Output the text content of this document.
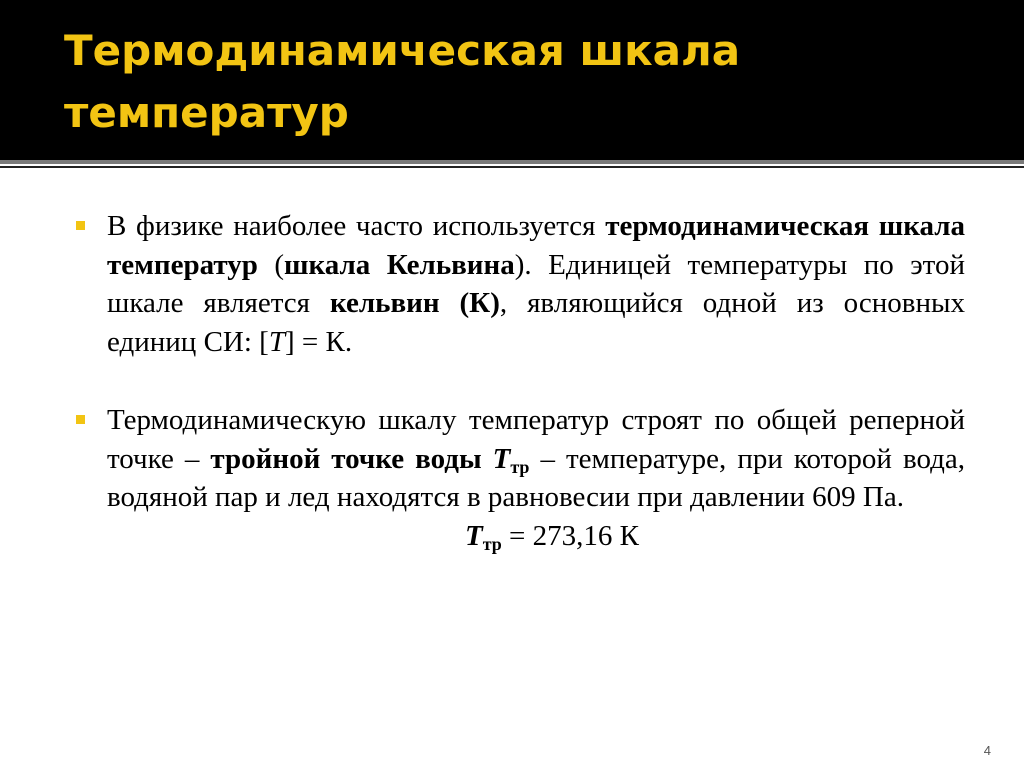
Термодинамическая шкала
температур

В физике наиболее часто используется термодинамическая шкала температур (шкала Кельвина). Единицей температуры по этой шкале является кельвин (К), являющийся одной из основных единиц СИ: [T] = К.

Термодинамическую шкалу температур строят по общей реперной точке – тройной точке воды $T_{тр}$ – температуре, при которой вода, водяной пар и лед находятся в равновесии при давлении 609 Па.

$T_{тр} = 273,16$ К

4
